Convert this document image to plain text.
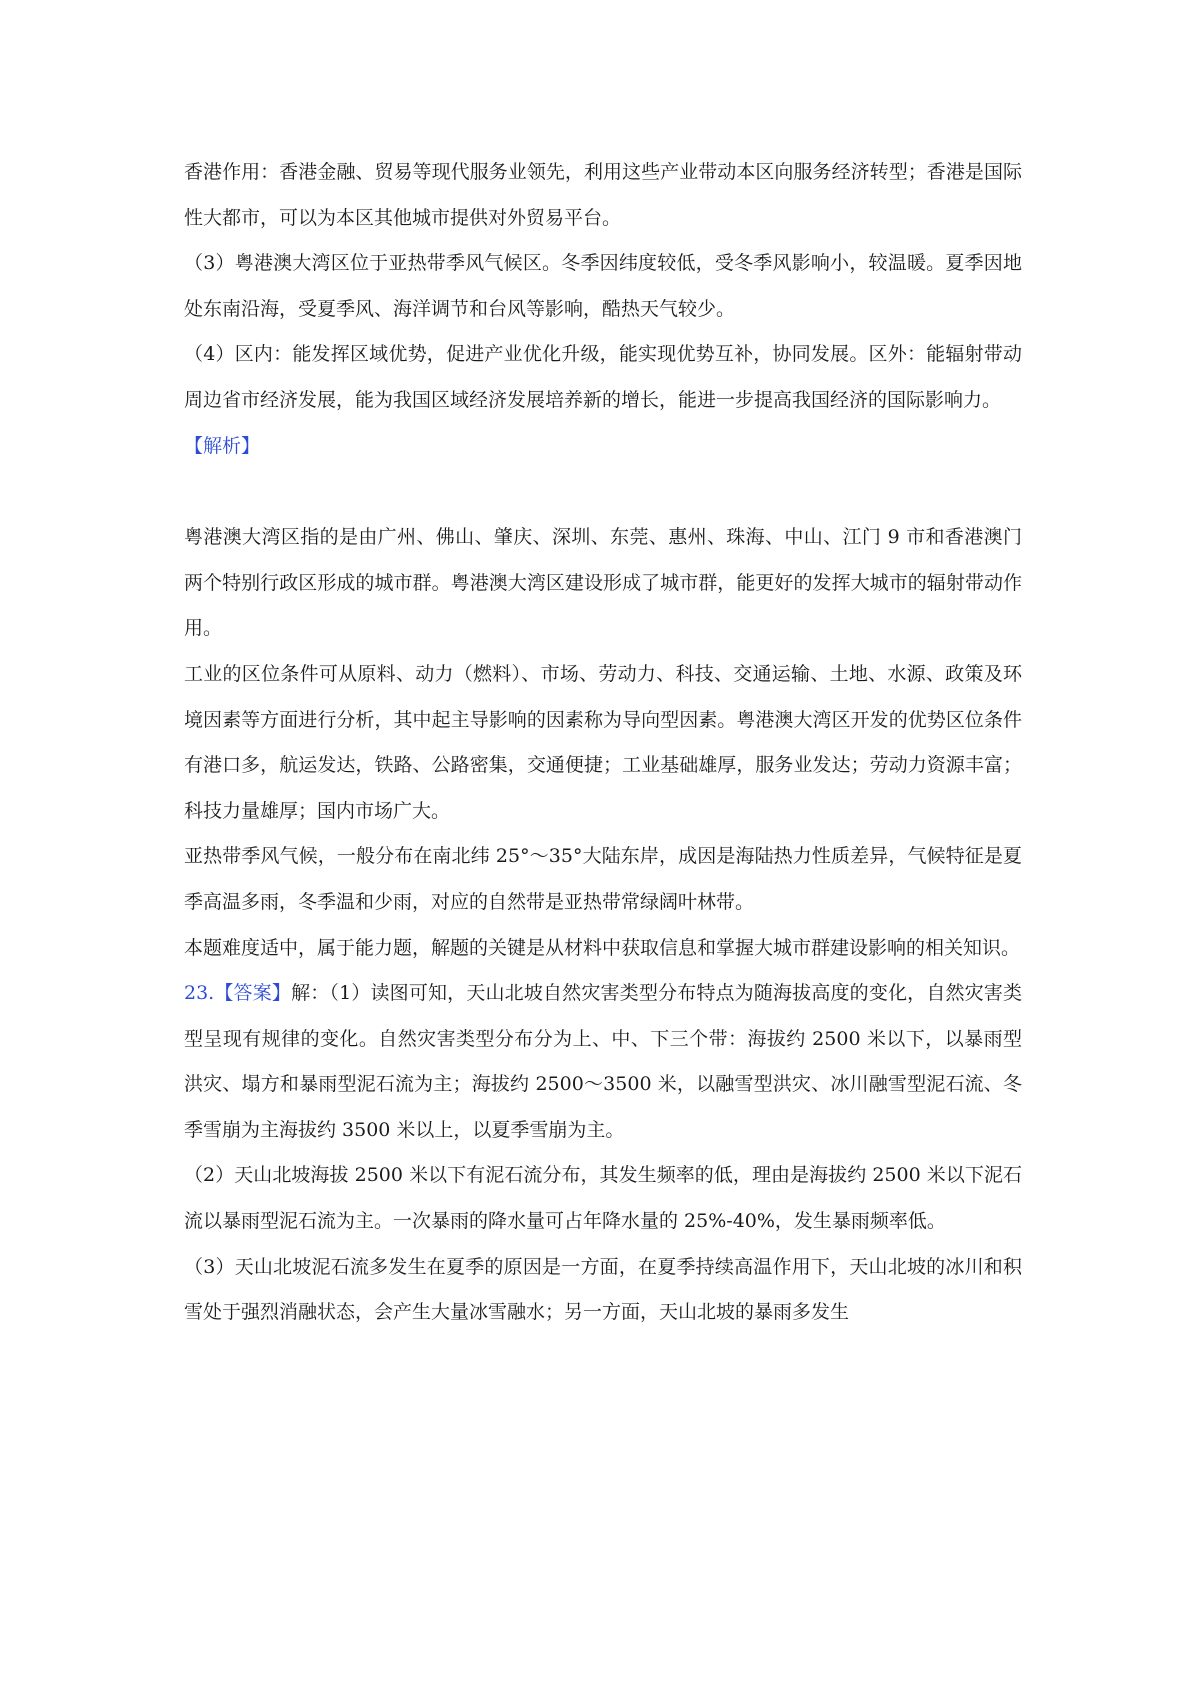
香港作用：香港金融、贸易等现代服务业领先，利用这些产业带动本区向服务经济转型；香港是国际性大都市，可以为本区其他城市提供对外贸易平台。

（3）粤港澳大湾区位于亚热带季风气候区。冬季因纬度较低，受冬季风影响小，较温暖。夏季因地处东南沿海，受夏季风、海洋调节和台风等影响，酷热天气较少。

（4）区内：能发挥区域优势，促进产业优化升级，能实现优势互补，协同发展。区外：能辐射带动周边省市经济发展，能为我国区域经济发展培养新的增长，能进一步提高我国经济的国际影响力。

【解析】

粤港澳大湾区指的是由广州、佛山、肇庆、深圳、东莞、惠州、珠海、中山、江门 9 市和香港澳门两个特别行政区形成的城市群。粤港澳大湾区建设形成了城市群，能更好的发挥大城市的辐射带动作用。

工业的区位条件可从原料、动力（燃料）、市场、劳动力、科技、交通运输、土地、水源、政策及环境因素等方面进行分析，其中起主导影响的因素称为导向型因素。粤港澳大湾区开发的优势区位条件有港口多，航运发达，铁路、公路密集，交通便捷；工业基础雄厚，服务业发达；劳动力资源丰富；科技力量雄厚；国内市场广大。

亚热带季风气候，一般分布在南北纬 25°～35°大陆东岸，成因是海陆热力性质差异，气候特征是夏季高温多雨，冬季温和少雨，对应的自然带是亚热带常绿阔叶林带。

本题难度适中，属于能力题，解题的关键是从材料中获取信息和掌握大城市群建设影响的相关知识。

23.【答案】解：（1）读图可知，天山北坡自然灾害类型分布特点为随海拔高度的变化，自然灾害类型呈现有规律的变化。自然灾害类型分布分为上、中、下三个带：海拔约 2500 米以下，以暴雨型洪灾、塌方和暴雨型泥石流为主；海拔约 2500～3500 米，以融雪型洪灾、冰川融雪型泥石流、冬季雪崩为主海拔约 3500 米以上，以夏季雪崩为主。

（2）天山北坡海拔 2500 米以下有泥石流分布，其发生频率的低，理由是海拔约 2500 米以下泥石流以暴雨型泥石流为主。一次暴雨的降水量可占年降水量的 25%-40%，发生暴雨频率低。

（3）天山北坡泥石流多发生在夏季的原因是一方面，在夏季持续高温作用下，天山北坡的冰川和积雪处于强烈消融状态，会产生大量冰雪融水；另一方面，天山北坡的暴雨多发生
